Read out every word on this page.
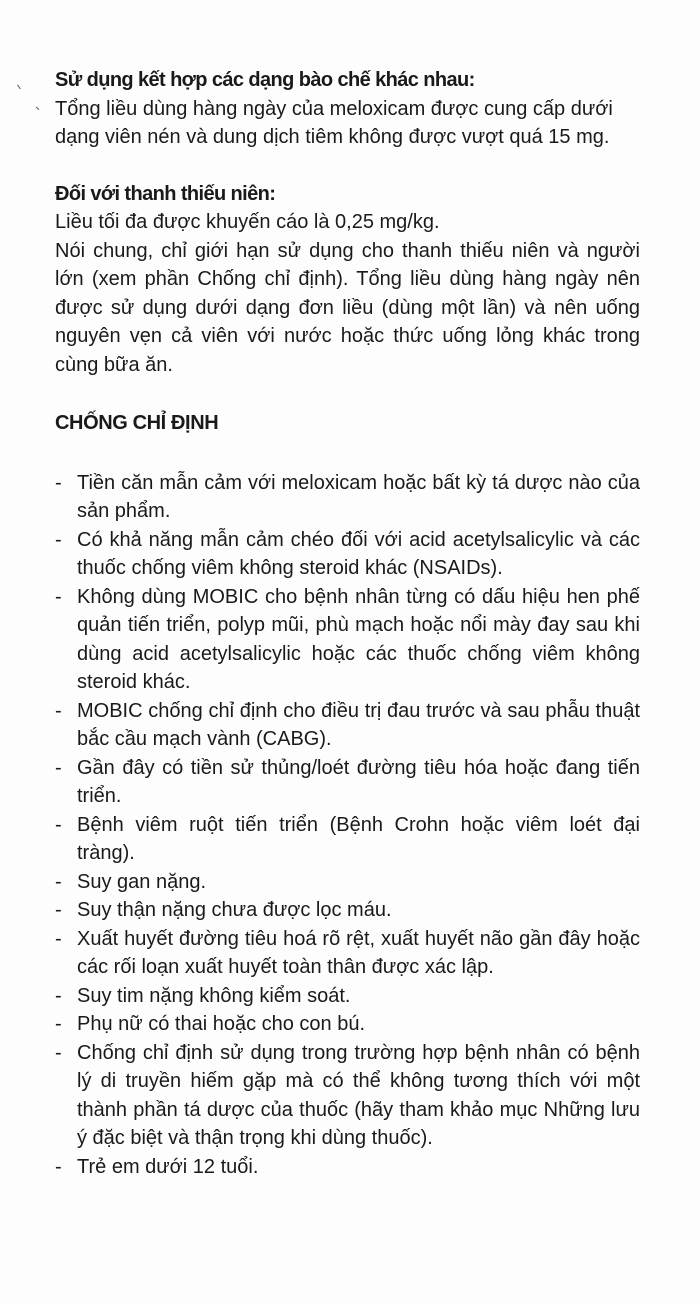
Sử dụng kết hợp các dạng bào chế khác nhau:

Tổng liều dùng hàng ngày của meloxicam được cung cấp dưới dạng viên nén và dung dịch tiêm không được vượt quá 15 mg.

Đối với thanh thiếu niên:

Liều tối đa được khuyến cáo là 0,25 mg/kg.

Nói chung, chỉ giới hạn sử dụng cho thanh thiếu niên và người lớn (xem phần Chống chỉ định). Tổng liều dùng hàng ngày nên được sử dụng dưới dạng đơn liều (dùng một lần) và nên uống nguyên vẹn cả viên với nước hoặc thức uống lỏng khác trong cùng bữa ăn.

CHỐNG CHỈ ĐỊNH
- Tiền căn mẫn cảm với meloxicam hoặc bất kỳ tá dược nào của sản phẩm.
- Có khả năng mẫn cảm chéo đối với acid acetylsalicylic và các thuốc chống viêm không steroid khác (NSAIDs).
- Không dùng MOBIC cho bệnh nhân từng có dấu hiệu hen phế quản tiến triển, polyp mũi, phù mạch hoặc nổi mày đay sau khi dùng acid acetylsalicylic hoặc các thuốc chống viêm không steroid khác.
- MOBIC chống chỉ định cho điều trị đau trước và sau phẫu thuật bắc cầu mạch vành (CABG).
- Gần đây có tiền sử thủng/loét đường tiêu hóa hoặc đang tiến triển.
- Bệnh viêm ruột tiến triển (Bệnh Crohn hoặc viêm loét đại tràng).
- Suy gan nặng.
- Suy thận nặng chưa được lọc máu.
- Xuất huyết đường tiêu hoá rõ rệt, xuất huyết não gần đây hoặc các rối loạn xuất huyết toàn thân được xác lập.
- Suy tim nặng không kiểm soát.
- Phụ nữ có thai hoặc cho con bú.
- Chống chỉ định sử dụng trong trường hợp bệnh nhân có bệnh lý di truyền hiếm gặp mà có thể không tương thích với một thành phần tá dược của thuốc (hãy tham khảo mục Những lưu ý đặc biệt và thận trọng khi dùng thuốc).
- Trẻ em dưới 12 tuổi.
